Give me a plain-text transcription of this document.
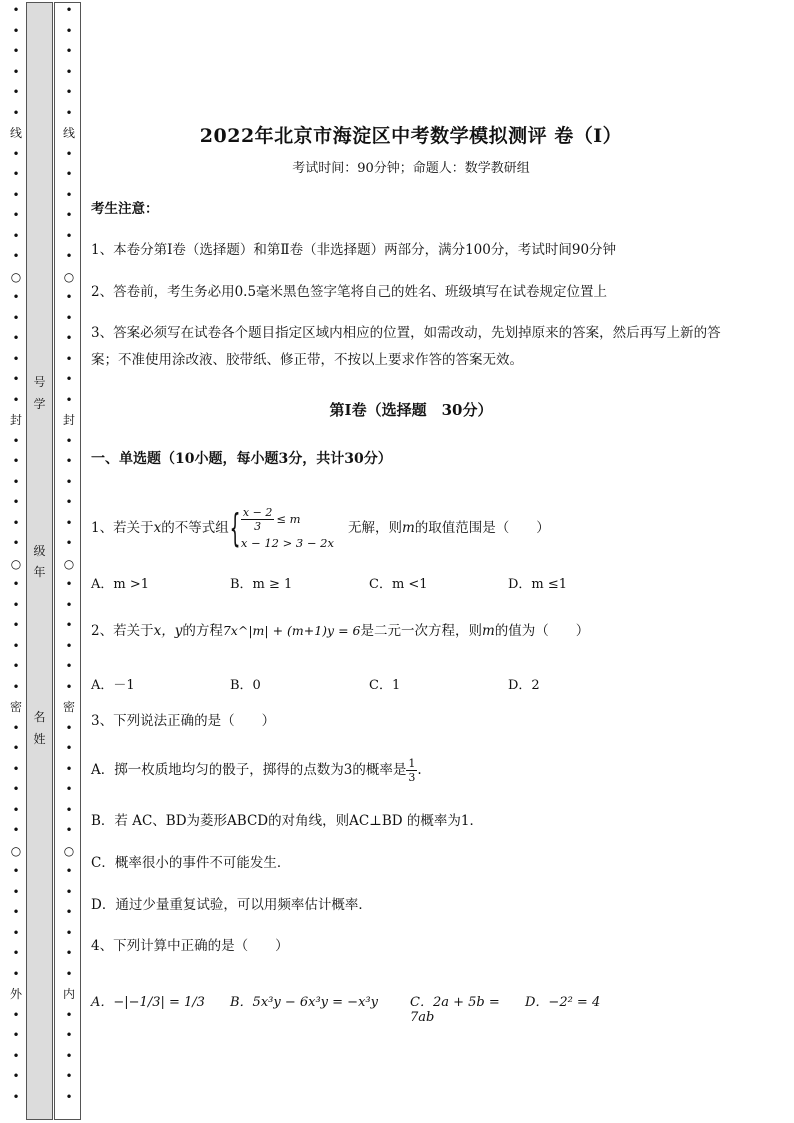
•
•
•
•
•
•
线
•
•
•
•
•
•
○
•
•
•
•
•
•
封
•
•
•
•
•
•
○
•
•
•
•
•
•
密
•
•
•
•
•
•
○
•
•
•
•
•
•
外
•
•
•
•
•
•
•
•
•
•
•
线
•
•
•
•
•
•
○
•
•
•
•
•
•
封
•
•
•
•
•
•
○
•
•
•
•
•
•
密
•
•
•
•
•
•
○
•
•
•
•
•
•
内
•
•
•
•
•
号
学
级
年
名
姓
2022年北京市海淀区中考数学模拟测评 卷（Ⅰ）
考试时间：90分钟；命题人：数学教研组
考生注意：
1、本卷分第I卷（选择题）和第Ⅱ卷（非选择题）两部分，满分100分，考试时间90分钟
2、答卷前，考生务必用0.5毫米黑色签字笔将自己的姓名、班级填写在试卷规定位置上
3、答案必须写在试卷各个题目指定区域内相应的位置，如需改动，先划掉原来的答案，然后再写上新的答案；不准使用涂改液、胶带纸、修正带，不按以上要求作答的答案无效。
第Ⅰ卷（选择题　30分）
一、单选题（10小题，每小题3分，共计30分）
1、若关于 x 的不等式组 { $\frac{x - 2}{3} \le m$
x − 12 > 3 − 2x
无解，则 m 的取值范围是（　　）
A．m >1	B．m ≥ 1	C．m <1	D．m ≤1
2、若关于x，y的方程7x^|m| + (m+1)y = 6是二元一次方程，则m的值为（　　）
A．－1	B．0	C．1	D．2
3、下列说法正确的是（　　）
A．掷一枚质地均匀的骰子，掷得的点数为3的概率是 $\frac{1}{3}$ .
B．若 AC、BD为菱形ABCD的对角线，则AC⊥BD 的概率为1．
C．概率很小的事件不可能发生．
D．通过少量重复试验，可以用频率估计概率．
4、下列计算中正确的是（　　）
A．−|−1/3| = 1/3	B．5x³y − 6x³y = −x³y	C．2a + 5b = 7ab
D．−2² = 4
